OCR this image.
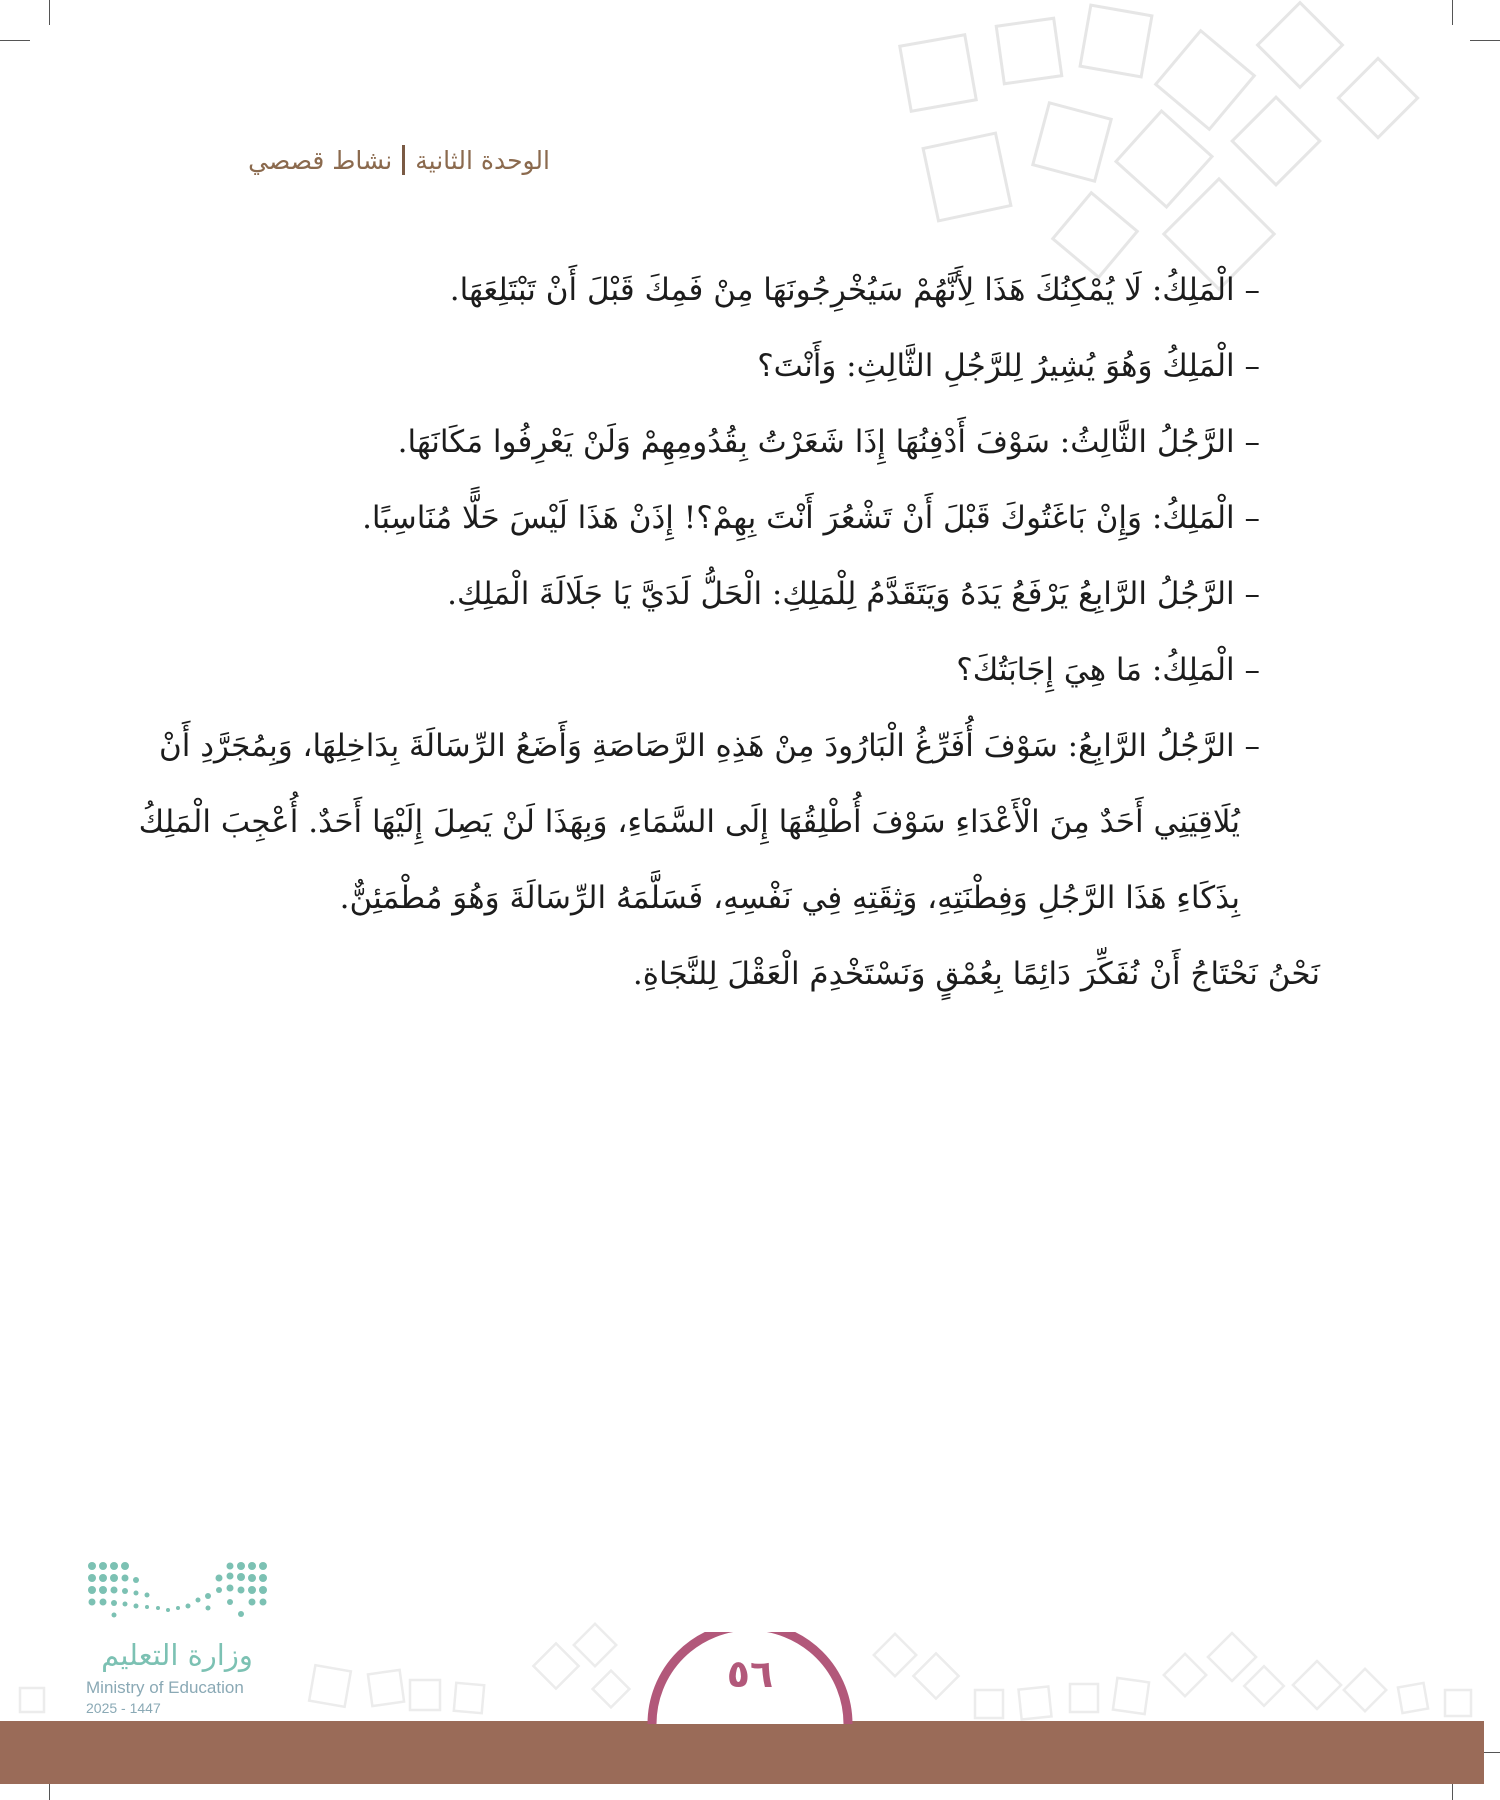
الوحدة الثانية
نشاط قصصي
– الْمَلِكُ: لَا يُمْكِنُكَ هَذَا لِأَنَّهُمْ سَيُخْرِجُونَهَا مِنْ فَمِكَ قَبْلَ أَنْ تَبْتَلِعَهَا.
– الْمَلِكُ وَهُوَ يُشِيرُ لِلرَّجُلِ الثَّالِثِ: وَأَنْتَ؟
– الرَّجُلُ الثَّالِثُ: سَوْفَ أَدْفِنُهَا إِذَا شَعَرْتُ بِقُدُومِهِمْ وَلَنْ يَعْرِفُوا مَكَانَهَا.
– الْمَلِكُ: وَإِنْ بَاغَتُوكَ قَبْلَ أَنْ تَشْعُرَ أَنْتَ بِهِمْ؟! إِذَنْ هَذَا لَيْسَ حَلًّا مُنَاسِبًا.
– الرَّجُلُ الرَّابِعُ يَرْفَعُ يَدَهُ وَيَتَقَدَّمُ لِلْمَلِكِ: الْحَلُّ لَدَيَّ يَا جَلَالَةَ الْمَلِكِ.
– الْمَلِكُ: مَا هِيَ إِجَابَتُكَ؟
– الرَّجُلُ الرَّابِعُ: سَوْفَ أُفَرِّغُ الْبَارُودَ مِنْ هَذِهِ الرَّصَاصَةِ وَأَضَعُ الرِّسَالَةَ بِدَاخِلِهَا، وَبِمُجَرَّدِ أَنْ
يُلَاقِيَنِي أَحَدٌ مِنَ الْأَعْدَاءِ سَوْفَ أُطْلِقُهَا إِلَى السَّمَاءِ، وَبِهَذَا لَنْ يَصِلَ إِلَيْهَا أَحَدٌ. أُعْجِبَ الْمَلِكُ
بِذَكَاءِ هَذَا الرَّجُلِ وَفِطْنَتِهِ، وَثِقَتِهِ فِي نَفْسِهِ، فَسَلَّمَهُ الرِّسَالَةَ وَهُوَ مُطْمَئِنٌّ.
نَحْنُ نَحْتَاجُ أَنْ نُفَكِّرَ دَائِمًا بِعُمْقٍ وَنَسْتَخْدِمَ الْعَقْلَ لِلنَّجَاةِ.
وزارة التعليم
Ministry of Education
2025 - 1447
٥٦
